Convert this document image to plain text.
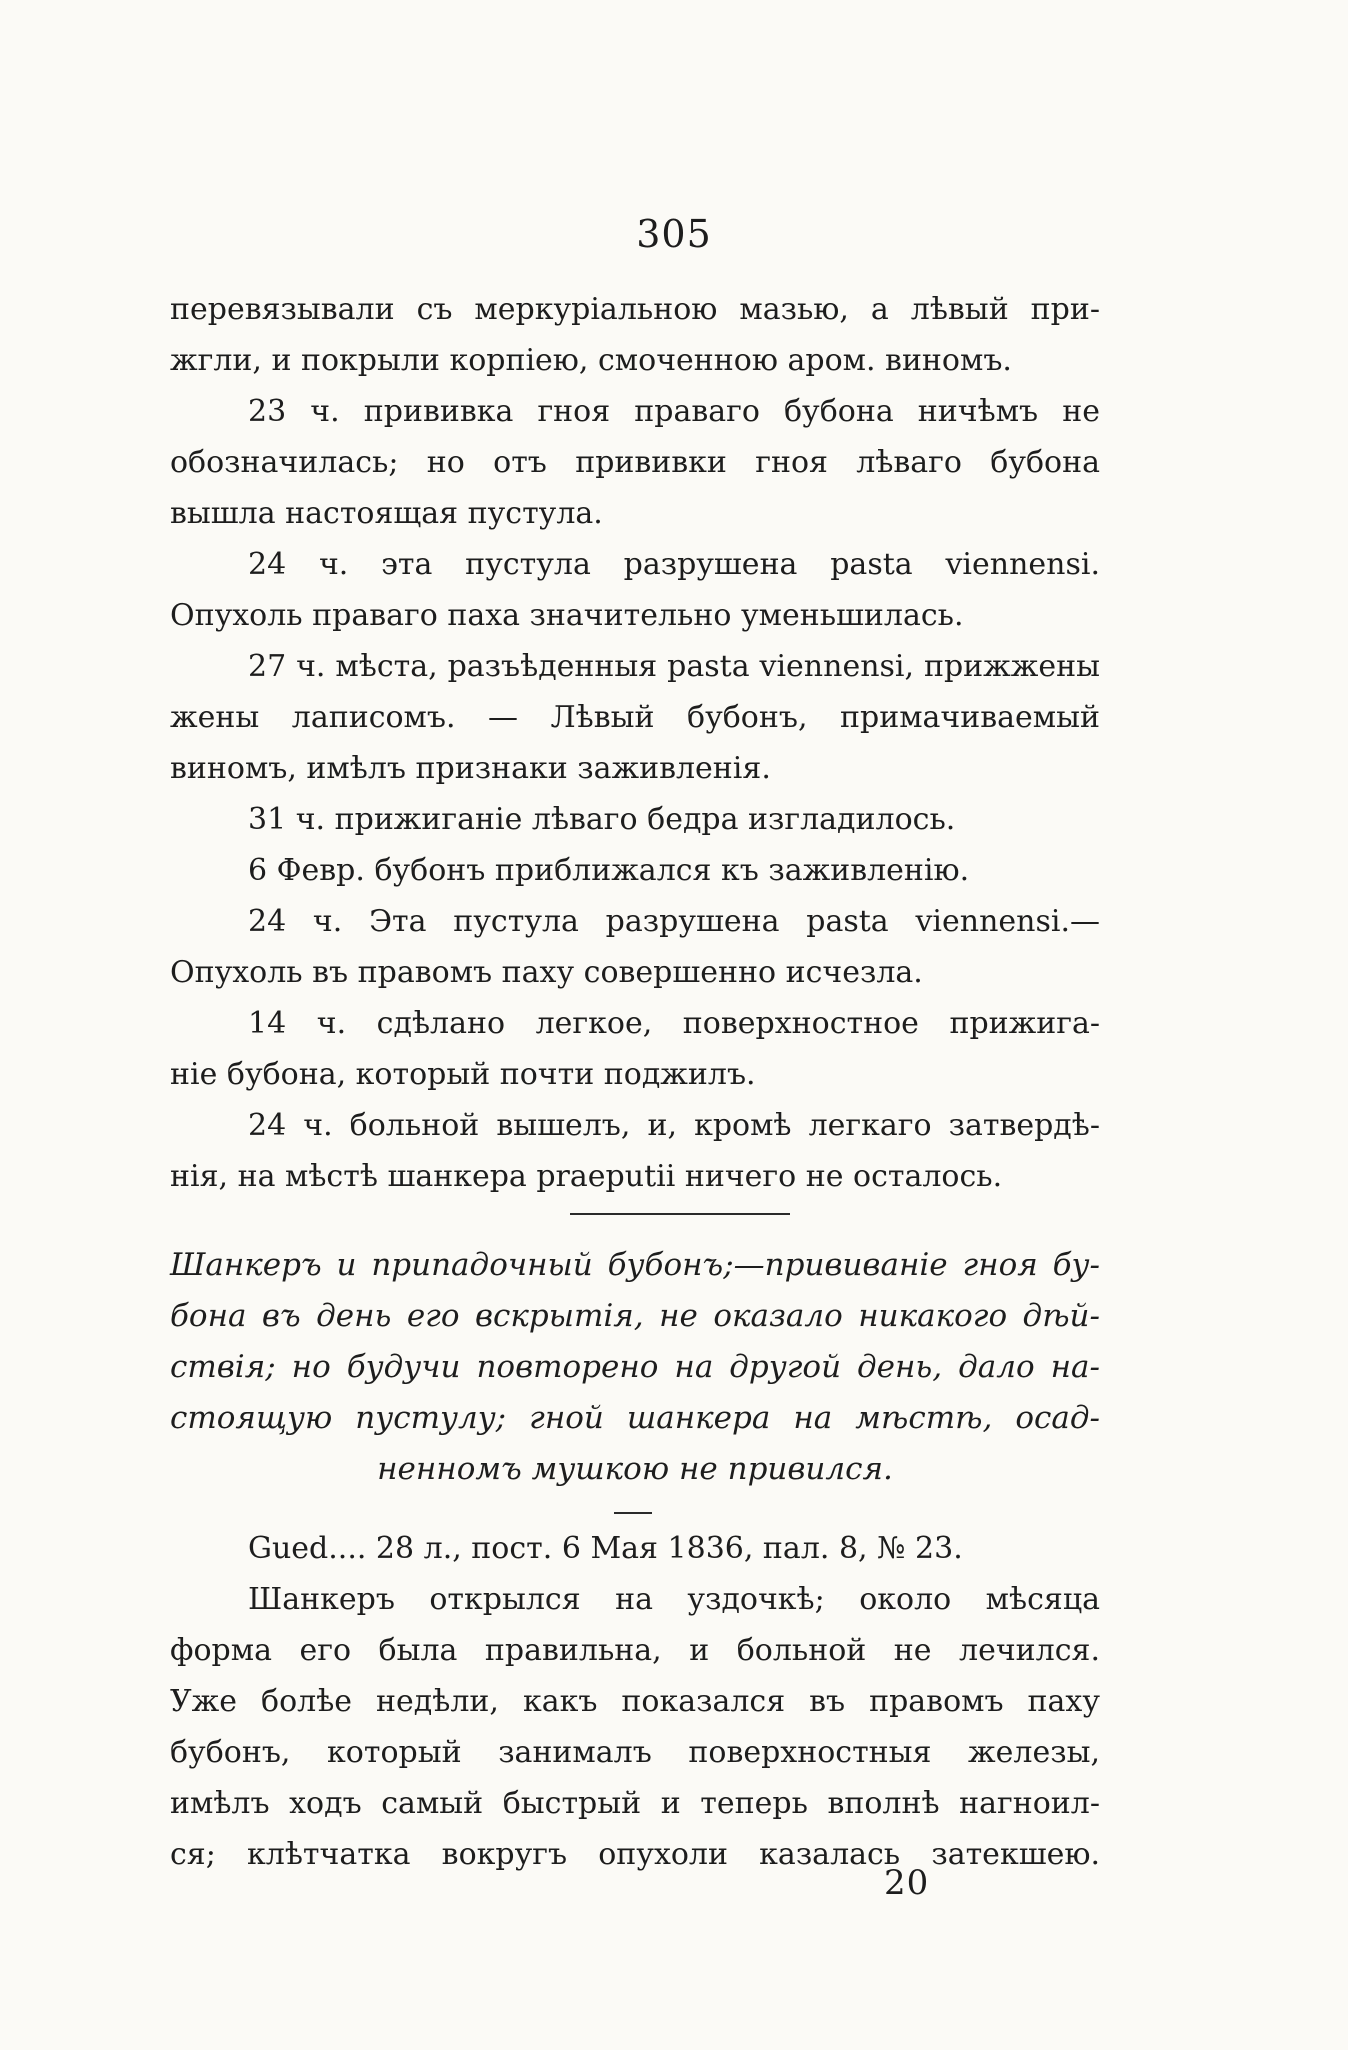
305
перевязывали съ меркуріальною мазью, а лѣвый при-
жгли, и покрыли корпіею, смоченною аром. виномъ.
23 ч. прививка гноя праваго бубона ничѣмъ не
обозначилась; но отъ прививки гноя лѣваго бубона
вышла настоящая пустула.
24 ч. эта пустула разрушена pasta viennensi.
Опухоль праваго паха значительно уменьшилась.
27 ч. мѣста, разъѣденныя pasta viennensi, прижжены
жены лаписомъ. — Лѣвый бубонъ, примачиваемый
виномъ, имѣлъ признаки заживленія.
31 ч. прижиганіе лѣваго бедра изгладилось.
6 Февр. бубонъ приближался къ заживленію.
24 ч. Эта пустула разрушена pasta viennensi.—
Опухоль въ правомъ паху совершенно исчезла.
14 ч. сдѣлано легкое, поверхностное прижига-
ніе бубона, который почти поджилъ.
24 ч. больной вышелъ, и, кромѣ легкаго затвердѣ-
нія, на мѣстѣ шанкера praeputii ничего не осталось.
Шанкеръ и припадочный бубонъ;—прививаніе гноя бу-
бона въ день его вскрытія, не оказало никакого дѣй-
ствія; но будучи повторено на другой день, дало на-
стоящую пустулу; гной шанкера на мѣстѣ, осад-
ненномъ мушкою не привился.
Gued.... 28 л., пост. 6 Мая 1836, пал. 8, № 23.
Шанкеръ открылся на уздочкѣ; около мѣсяца
форма его была правильна, и больной не лечился.
Уже болѣе недѣли, какъ показался въ правомъ паху
бубонъ, который занималъ поверхностныя железы,
имѣлъ ходъ самый быстрый и теперь вполнѣ нагноил-
ся; клѣтчатка вокругъ опухоли казалась затекшею.
20
